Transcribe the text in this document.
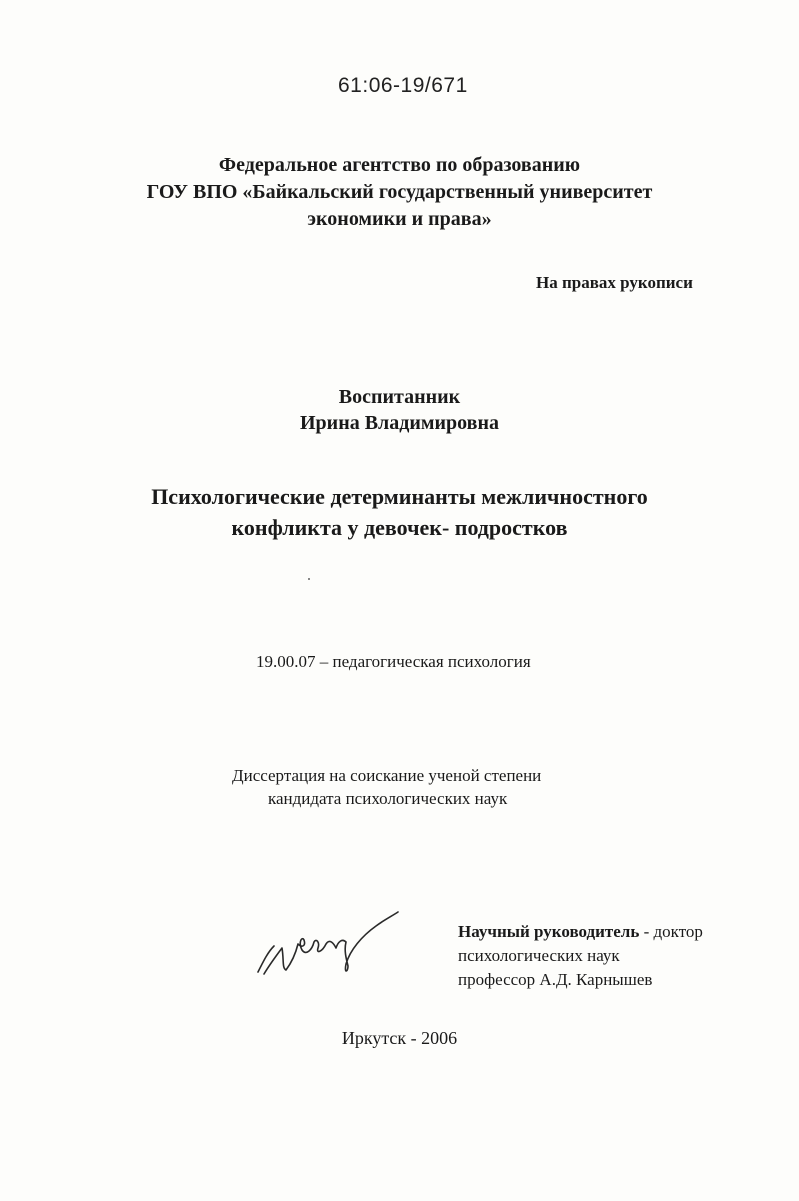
61:06-19/671
Федеральное агентство по образованию
ГОУ ВПО «Байкальский государственный университет
экономики и права»
На правах рукописи
Воспитанник
Ирина Владимировна
Психологические детерминанты межличностного
конфликта у девочек- подростков
19.00.07 – педагогическая психология
Диссертация на соискание ученой степени
кандидата психологических наук
Научный руководитель - доктор
психологических наук
профессор А.Д. Карнышев
Иркутск - 2006
